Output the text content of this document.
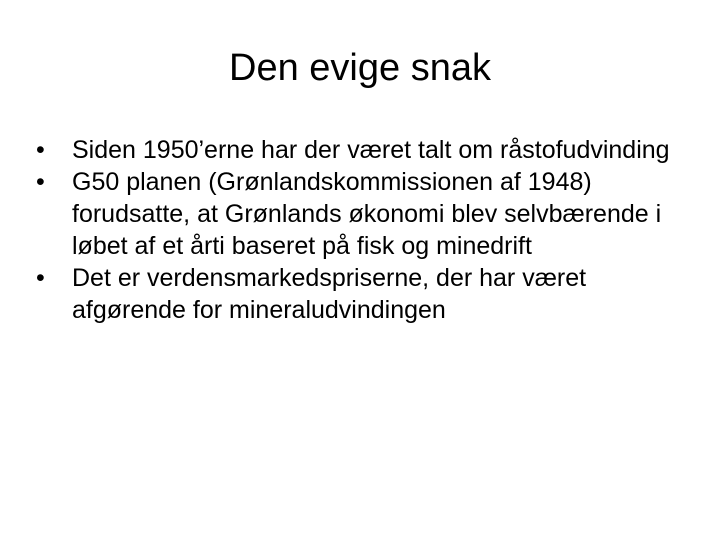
Den evige snak
•	Siden 1950’erne har der været talt om råstofudvinding
•	G50 planen (Grønlandskommissionen af 1948) forudsatte, at Grønlands økonomi blev selvbærende i løbet af et årti baseret på fisk og minedrift
•	Det er verdensmarkedspriserne, der har været afgørende for mineraludvindingen
